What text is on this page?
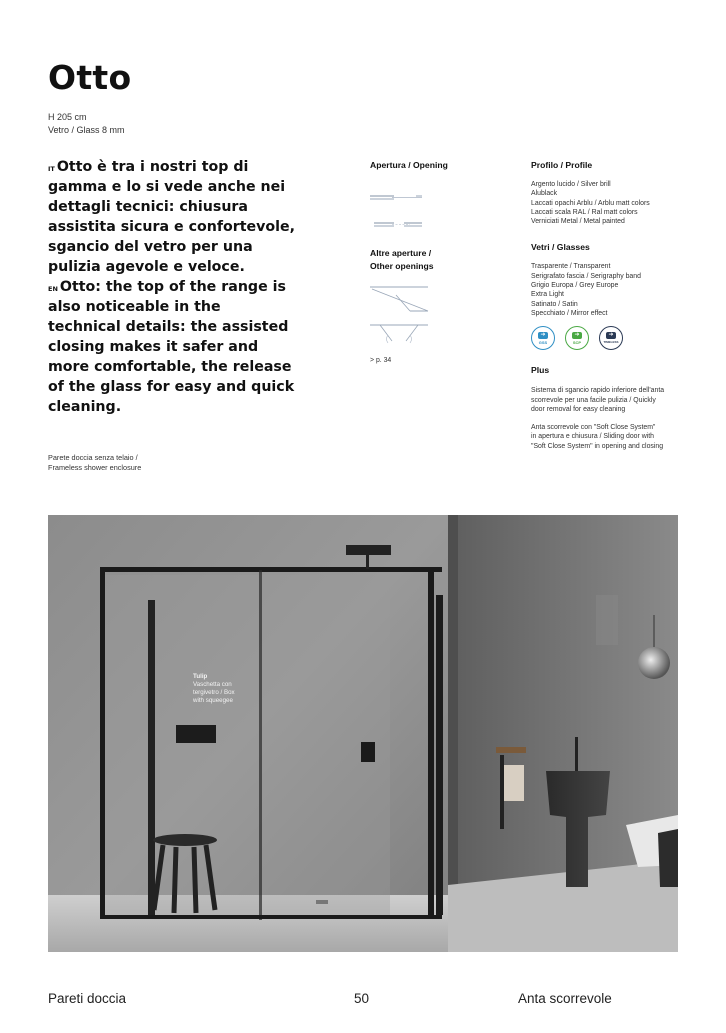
Otto
H 205 cm
Vetro / Glass 8 mm
$^{IT}$ Otto è tra i nostri top di gamma e lo si vede anche nei dettagli tecnici: chiusura assistita sicura e confortevole, sgancio del vetro per una pulizia agevole e veloce.
$^{EN}$ Otto: the top of the range is also noticeable in the technical details: the assisted closing makes it safer and more comfortable, the release of the glass for easy and quick cleaning.
Parete doccia senza telaio /
Frameless shower enclosure
Apertura / Opening
Altre aperture /
Other openings
> p. 34
Profilo / Profile
Argento lucido / Silver brill
Alublack
Laccati opachi Arblu / Arblu matt colors
Laccati scala RAL / Ral matt colors
Verniciati Metal / Metal painted
Vetri / Glasses
Trasparente / Transparent
Serigrafato fascia / Serigraphy band
Grigio Europa / Grey Europe
Extra Light
Satinato / Satin
Specchiato / Mirror effect
➜
GSS
➜
SCP
➜
TIMELESS
Plus
Sistema di sgancio rapido inferiore dell'anta
scorrevole per una facile pulizia / Quickly
door removal for easy cleaning
Anta scorrevole con "Soft Close System"
in apertura e chiusura / Sliding door with
"Soft Close System" in opening and closing
Tulip
Vaschetta con
tergivetro / Box
with squeegee
Pareti doccia	50	Anta scorrevole
